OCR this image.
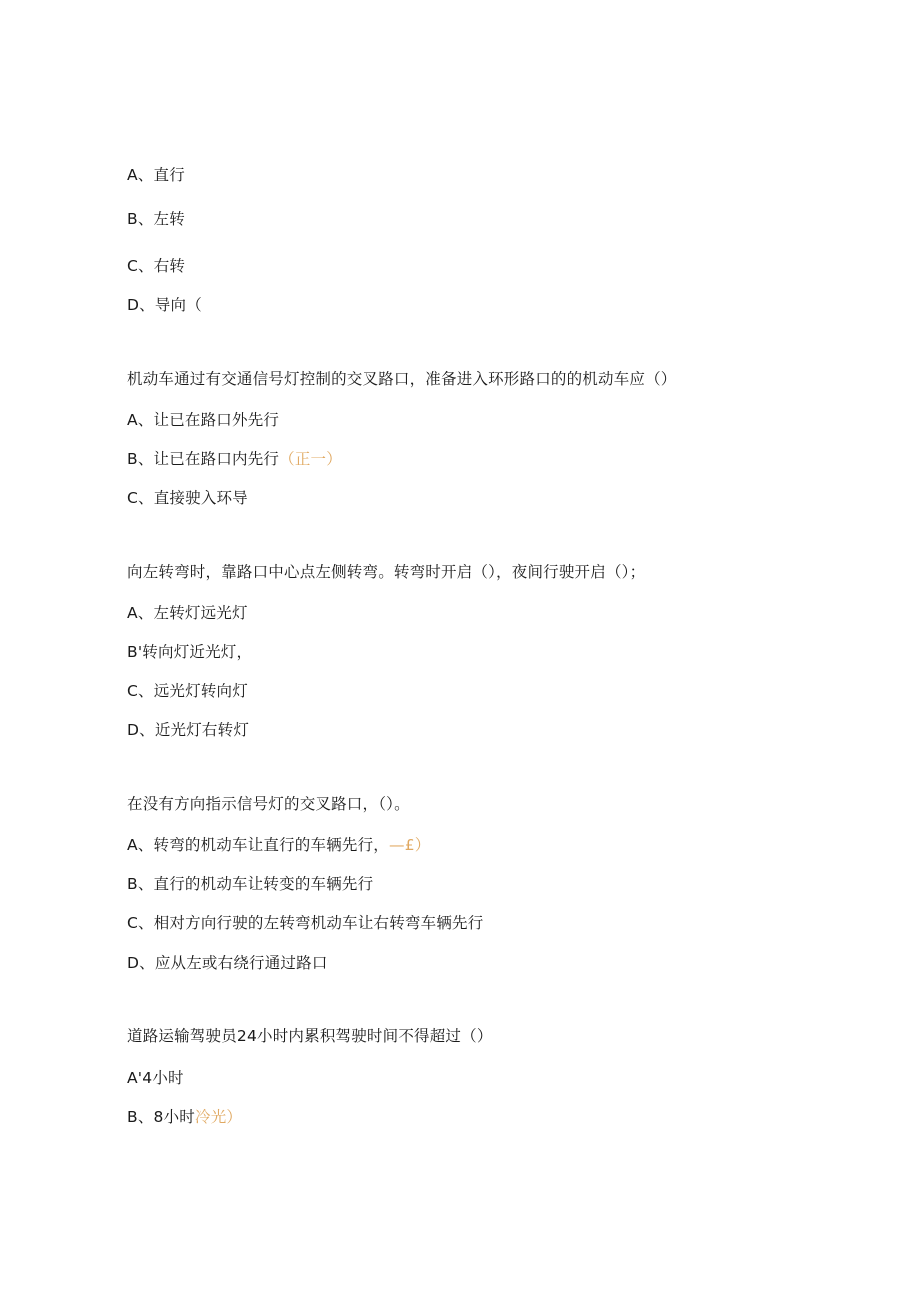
A、直行
B、左转
C、右转
D、导向（
机动车通过有交通信号灯控制的交叉路口，准备进入环形路口的的机动车应（）
A、让已在路口外先行
B、让已在路口内先行（正一）
C、直接驶入环导
向左转弯时，靠路口中心点左侧转弯。转弯时开启（），夜间行驶开启（）；
A、左转灯远光灯
B'转向灯近光灯，
C、远光灯转向灯
D、近光灯右转灯
在没有方向指示信号灯的交叉路口，（）。
A、转弯的机动车让直行的车辆先行，—£）
B、直行的机动车让转变的车辆先行
C、相对方向行驶的左转弯机动车让右转弯车辆先行
D、应从左或右绕行通过路口
道路运输驾驶员24小时内累积驾驶时间不得超过（）
A'4小时
B、8小时冷光）
